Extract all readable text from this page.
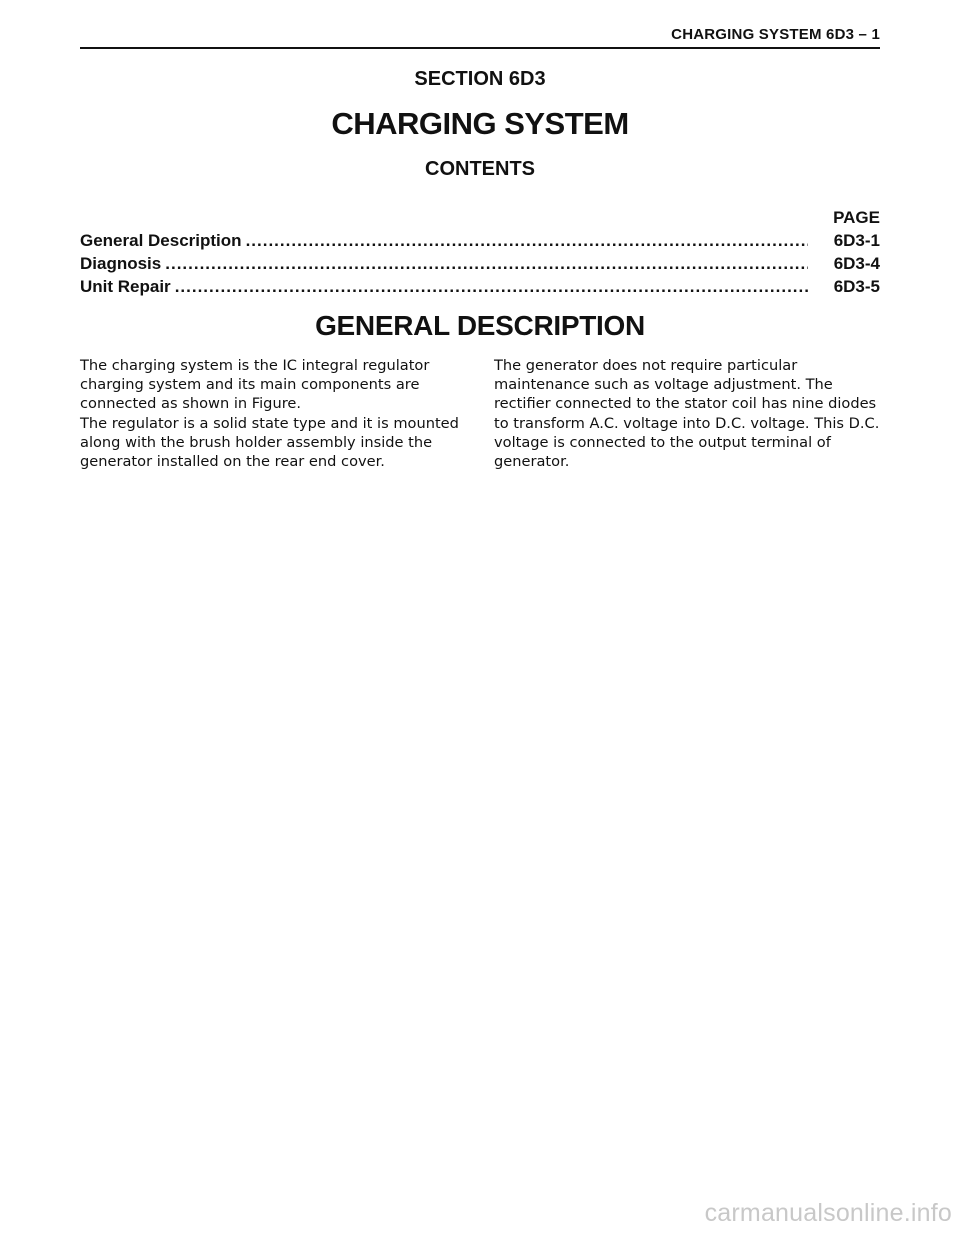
CHARGING SYSTEM 6D3 – 1
SECTION 6D3
CHARGING SYSTEM
CONTENTS
PAGE
General Description .....	6D3-1
Diagnosis .....	6D3-4
Unit Repair .....	6D3-5
GENERAL DESCRIPTION

The charging system is the IC integral regulator charging system and its main components are connected as shown in Figure.

The regulator is a solid state type and it is mounted along with the brush holder assembly inside the generator installed on the rear end cover.

The generator does not require particular maintenance such as voltage adjustment. The rectifier connected to the stator coil has nine diodes to transform A.C. voltage into D.C. voltage. This D.C. voltage is connected to the output terminal of generator.

carmanualsonline.info
